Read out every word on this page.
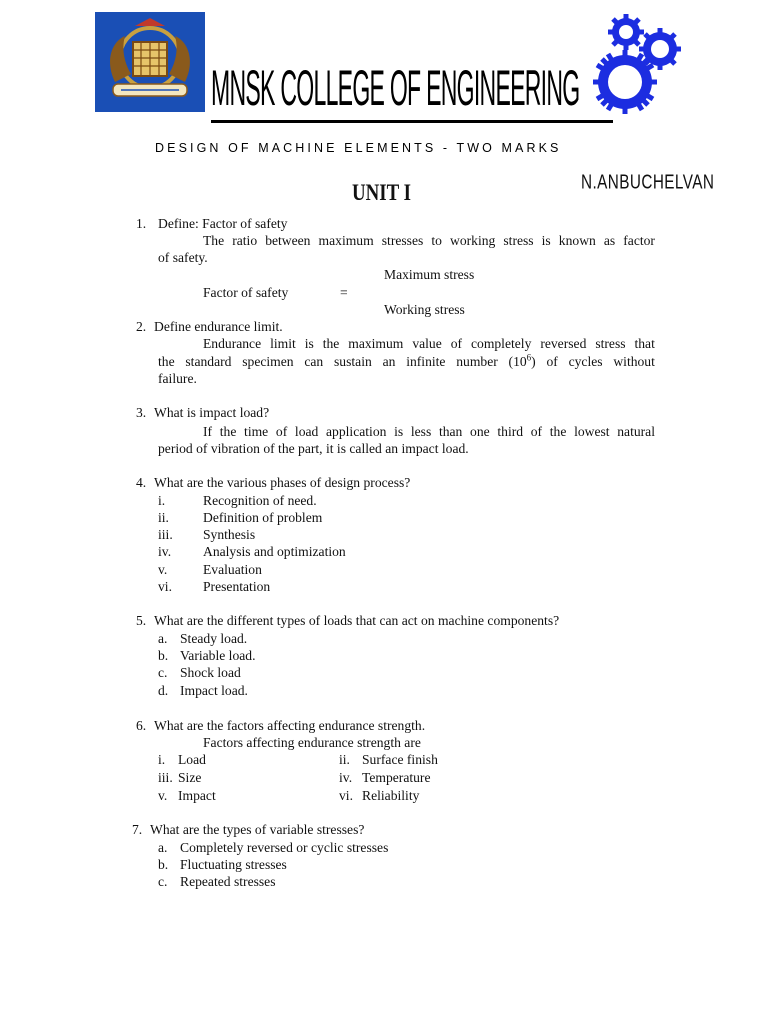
MNSK COLLEGE OF ENGINEERING
DESIGN OF MACHINE ELEMENTS - TWO MARKS
N.ANBUCHELVAN
UNIT I
1. Define: Factor of safety
The ratio between maximum stresses to working stress is known as factor
of safety.
Maximum stress
Factor of safety	=
Working stress
2. Define endurance limit.
Endurance limit is the maximum value of completely reversed stress that
the standard specimen can sustain an infinite number $(10^6)$ of cycles without
failure.
3. What is impact load?
If the time of load application is less than one third of the lowest natural
period of vibration of the part, it is called an impact load.
4. What are the various phases of design process?
i.	Recognition of need.
ii.	Definition of problem
iii. Synthesis
iv. Analysis and optimization
v.	Evaluation
vi. Presentation
5. What are the different types of loads that can act on machine components?
a. Steady load.
b. Variable load.
c. Shock load
d. Impact load.
6. What are the factors affecting endurance strength.
Factors affecting endurance strength are
i. Load	ii. Surface finish
iii. Size	iv. Temperature
v. Impact	vi. Reliability
7. What are the types of variable stresses?
a. Completely reversed or cyclic stresses
b. Fluctuating stresses
c. Repeated stresses
